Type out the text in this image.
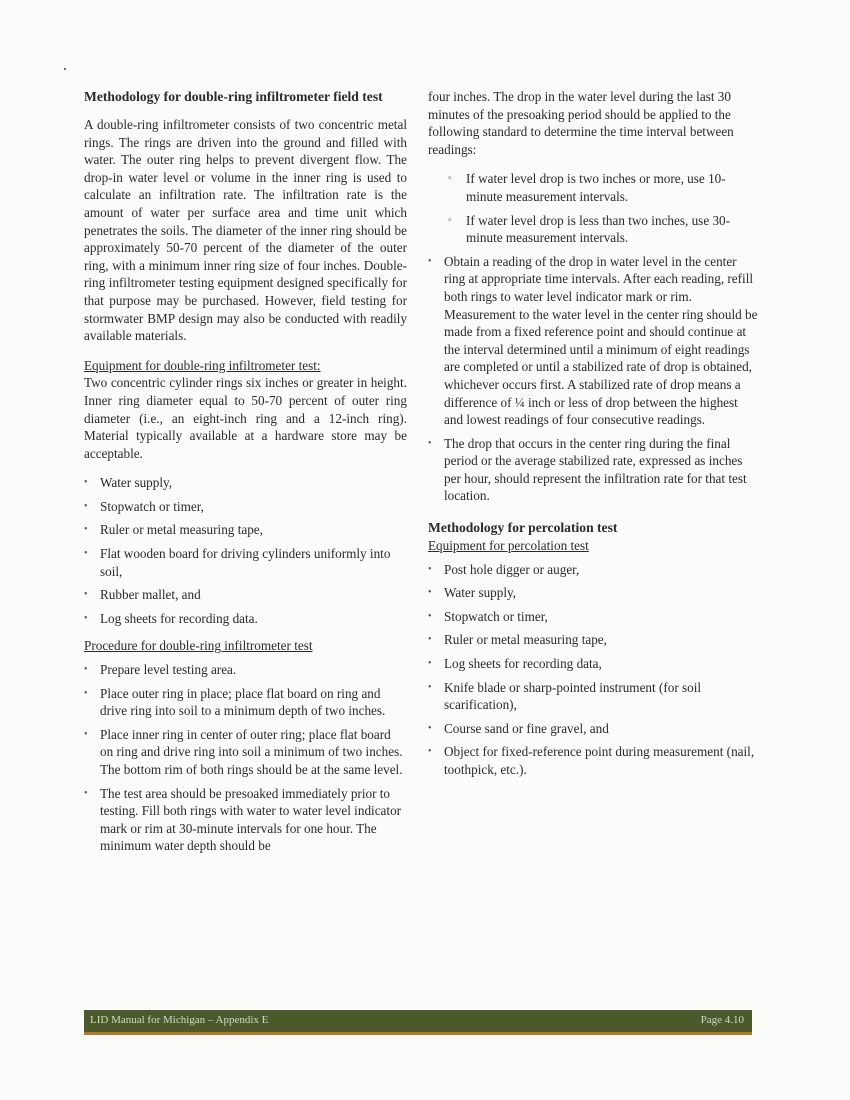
Methodology for double-ring infiltrometer field test

A double-ring infiltrometer consists of two concentric metal rings. The rings are driven into the ground and filled with water. The outer ring helps to prevent divergent flow. The drop-in water level or volume in the inner ring is used to calculate an infiltration rate. The infiltration rate is the amount of water per surface area and time unit which penetrates the soils. The diameter of the inner ring should be approximately 50-70 percent of the diameter of the outer ring, with a minimum inner ring size of four inches. Double-ring infiltrometer testing equipment designed specifically for that purpose may be purchased. However, field testing for stormwater BMP design may also be conducted with readily available materials.

Equipment for double-ring infiltrometer test:

Two concentric cylinder rings six inches or greater in height. Inner ring diameter equal to 50-70 percent of outer ring diameter (i.e., an eight-inch ring and a 12-inch ring). Material typically available at a hardware store may be acceptable.

• Water supply,
• Stopwatch or timer,
• Ruler or metal measuring tape,
• Flat wooden board for driving cylinders uniformly into soil,
• Rubber mallet, and
• Log sheets for recording data.

Procedure for double-ring infiltrometer test

• Prepare level testing area.
• Place outer ring in place; place flat board on ring and drive ring into soil to a minimum depth of two inches.
• Place inner ring in center of outer ring; place flat board on ring and drive ring into soil a minimum of two inches. The bottom rim of both rings should be at the same level.
• The test area should be presoaked immediately prior to testing. Fill both rings with water to water level indicator mark or rim at 30-minute intervals for one hour. The minimum water depth should be

four inches. The drop in the water level during the last 30 minutes of the presoaking period should be applied to the following standard to determine the time interval between readings:

▫ If water level drop is two inches or more, use 10-minute measurement intervals.
▫ If water level drop is less than two inches, use 30-minute measurement intervals.
• Obtain a reading of the drop in water level in the center ring at appropriate time intervals. After each reading, refill both rings to water level indicator mark or rim. Measurement to the water level in the center ring should be made from a fixed reference point and should continue at the interval determined until a minimum of eight readings are completed or until a stabilized rate of drop is obtained, whichever occurs first. A stabilized rate of drop means a difference of ¼ inch or less of drop between the highest and lowest readings of four consecutive readings.
• The drop that occurs in the center ring during the final period or the average stabilized rate, expressed as inches per hour, should represent the infiltration rate for that test location.
Methodology for percolation test

Equipment for percolation test

• Post hole digger or auger,
• Water supply,
• Stopwatch or timer,
• Ruler or metal measuring tape,
• Log sheets for recording data,
• Knife blade or sharp-pointed instrument (for soil scarification),
• Course sand or fine gravel, and
• Object for fixed-reference point during measurement (nail, toothpick, etc.).
LID Manual for Michigan – Appendix E	Page 4.10
